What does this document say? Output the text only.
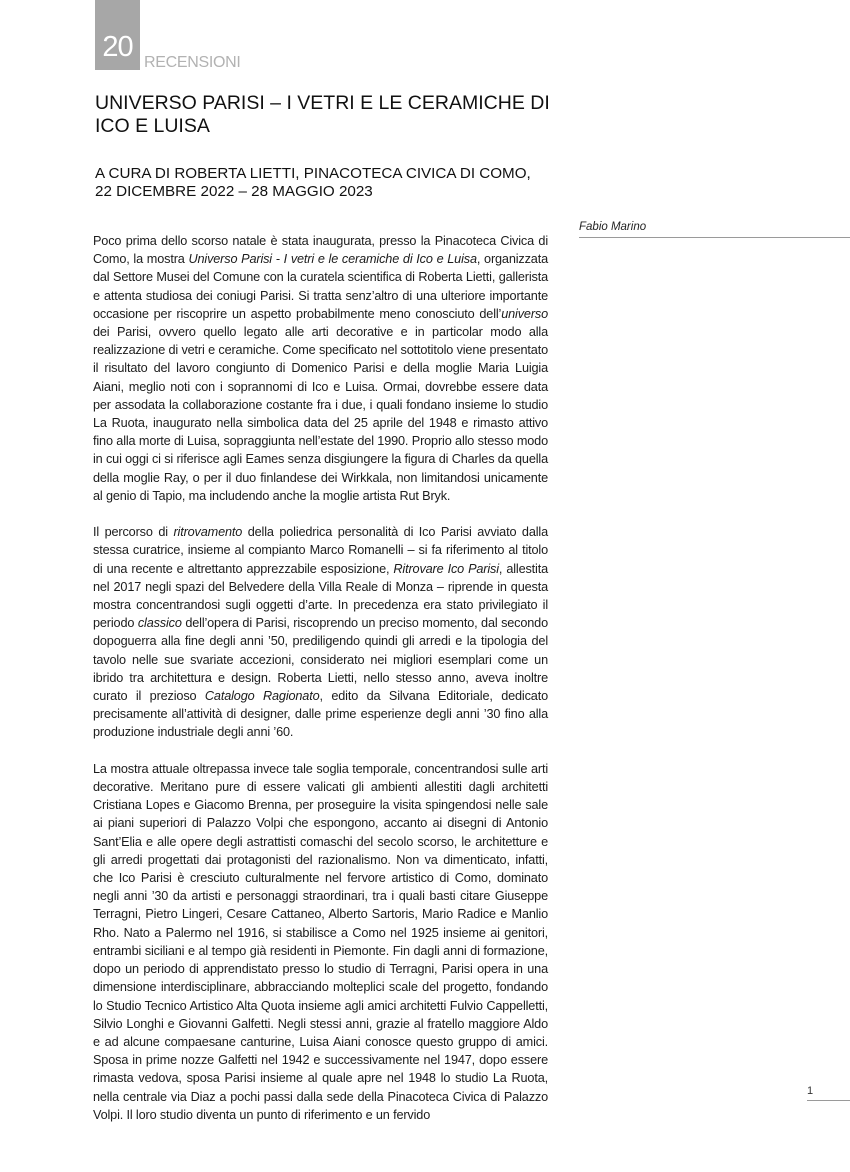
20 RECENSIONI
UNIVERSO PARISI – I VETRI E LE CERAMICHE DI ICO E LUISA
A CURA DI ROBERTA LIETTI, PINACOTECA CIVICA DI COMO,
22 DICEMBRE 2022 – 28 MAGGIO 2023
Fabio Marino

Poco prima dello scorso natale è stata inaugurata, presso la Pinacoteca Civica di Como, la mostra Universo Parisi - I vetri e le ceramiche di Ico e Luisa, organizzata dal Settore Musei del Comune con la curatela scientifica di Roberta Lietti, gallerista e attenta studiosa dei coniugi Parisi. Si tratta senz’altro di una ulteriore importante occasione per riscoprire un aspetto probabilmente meno conosciuto dell’universo dei Parisi, ovvero quello legato alle arti decorative e in particolar modo alla realizzazione di vetri e ceramiche. Come specificato nel sottotitolo viene presentato il risultato del lavoro congiunto di Domenico Parisi e della moglie Maria Luigia Aiani, meglio noti con i soprannomi di Ico e Luisa. Ormai, dovrebbe essere data per assodata la collaborazione costante fra i due, i quali fondano insieme lo studio La Ruota, inaugurato nella simbolica data del 25 aprile del 1948 e rimasto attivo fino alla morte di Luisa, sopraggiunta nell’estate del 1990. Proprio allo stesso modo in cui oggi ci si riferisce agli Eames senza disgiungere la figura di Charles da quella della moglie Ray, o per il duo finlandese dei Wirkkala, non limitandosi unicamente al genio di Tapio, ma includendo anche la moglie artista Rut Bryk.

Il percorso di ritrovamento della poliedrica personalità di Ico Parisi avviato dalla stessa curatrice, insieme al compianto Marco Romanelli – si fa riferimento al titolo di una recente e altrettanto apprezzabile esposizione, Ritrovare Ico Parisi, allestita nel 2017 negli spazi del Belvedere della Villa Reale di Monza – riprende in questa mostra concentrandosi sugli oggetti d’arte. In precedenza era stato privilegiato il periodo classico dell’opera di Parisi, riscoprendo un preciso momento, dal secondo dopoguerra alla fine degli anni ’50, prediligendo quindi gli arredi e la tipologia del tavolo nelle sue svariate accezioni, considerato nei migliori esemplari come un ibrido tra architettura e design. Roberta Lietti, nello stesso anno, aveva inoltre curato il prezioso Catalogo Ragionato, edito da Silvana Editoriale, dedicato precisamente all’attività di designer, dalle prime esperienze degli anni ’30 fino alla produzione industriale degli anni ’60.

La mostra attuale oltrepassa invece tale soglia temporale, concentrandosi sulle arti decorative. Meritano pure di essere valicati gli ambienti allestiti dagli architetti Cristiana Lopes e Giacomo Brenna, per proseguire la visita spingendosi nelle sale ai piani superiori di Palazzo Volpi che espongono, accanto ai disegni di Antonio Sant’Elia e alle opere degli astrattisti comaschi del secolo scorso, le architetture e gli arredi progettati dai protagonisti del razionalismo. Non va dimenticato, infatti, che Ico Parisi è cresciuto culturalmente nel fervore artistico di Como, dominato negli anni ’30 da artisti e personaggi straordinari, tra i quali basti citare Giuseppe Terragni, Pietro Lingeri, Cesare Cattaneo, Alberto Sartoris, Mario Radice e Manlio Rho. Nato a Palermo nel 1916, si stabilisce a Como nel 1925 insieme ai genitori, entrambi siciliani e al tempo già residenti in Piemonte. Fin dagli anni di formazione, dopo un periodo di apprendistato presso lo studio di Terragni, Parisi opera in una dimensione interdisciplinare, abbracciando molteplici scale del progetto, fondando lo Studio Tecnico Artistico Alta Quota insieme agli amici architetti Fulvio Cappelletti, Silvio Longhi e Giovanni Galfetti. Negli stessi anni, grazie al fratello maggiore Aldo e ad alcune compaesane canturine, Luisa Aiani conosce questo gruppo di amici. Sposa in prime nozze Galfetti nel 1942 e successivamente nel 1947, dopo essere rimasta vedova, sposa Parisi insieme al quale apre nel 1948 lo studio La Ruota, nella centrale via Diaz a pochi passi dalla sede della Pinacoteca Civica di Palazzo Volpi. Il loro studio diventa un punto di riferimento e un fervido

1
